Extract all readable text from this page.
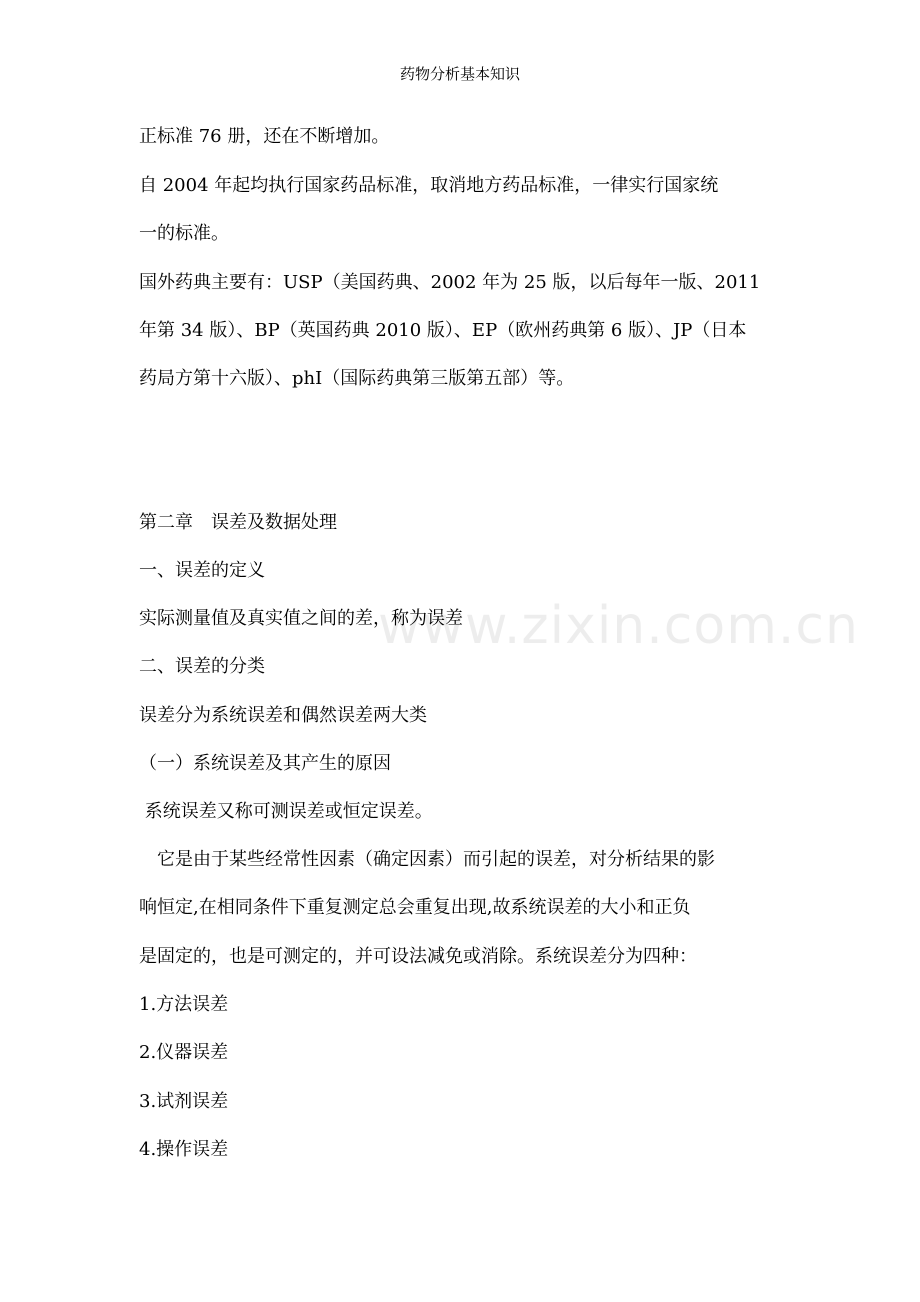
药物分析基本知识
正标准 76 册，还在不断增加。
自 2004 年起均执行国家药品标准，取消地方药品标准，一律实行国家统
一的标准。
国外药典主要有：USP（美国药典、2002 年为 25 版，以后每年一版、2011
年第 34 版）、BP（英国药典 2010 版）、EP（欧州药典第 6 版）、JP（日本
药局方第十六版）、phI（国际药典第三版第五部）等。
第二章　误差及数据处理
一、误差的定义
实际测量值及真实值之间的差，称为误差
二、误差的分类
误差分为系统误差和偶然误差两大类
（一）系统误差及其产生的原因
系统误差又称可测误差或恒定误差。
　它是由于某些经常性因素（确定因素）而引起的误差，对分析结果的影
响恒定,在相同条件下重复测定总会重复出现,故系统误差的大小和正负
是固定的，也是可测定的，并可设法减免或消除。系统误差分为四种：
1.方法误差
2.仪器误差
3.试剂误差
4.操作误差
www.zixin.com.cn
